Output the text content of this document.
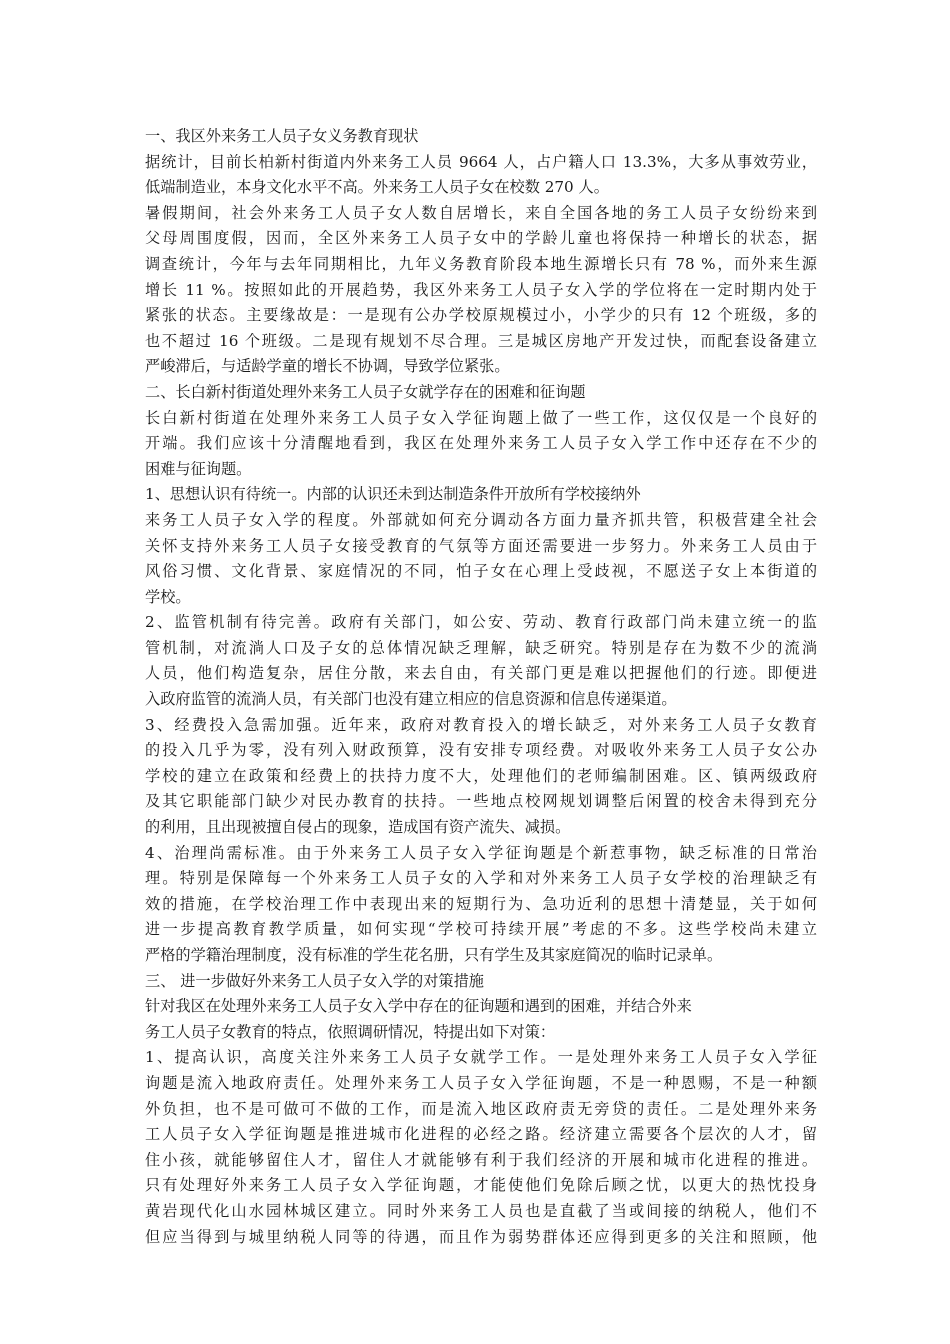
一、我区外来务工人员子女义务教育现状
据统计，目前长柏新村街道内外来务工人员 9664 人，占户籍人口 13.3%，大多从事效劳业，
低端制造业，本身文化水平不高。外来务工人员子女在校数 270 人。
暑假期间，社会外来务工人员子女人数自居增长，来自全国各地的务工人员子女纷纷来到
父母周围度假，因而，全区外来务工人员子女中的学龄儿童也将保持一种增长的状态，据
调查统计，今年与去年同期相比，九年义务教育阶段本地生源增长只有 78 %，而外来生源
增长 11 %。按照如此的开展趋势，我区外来务工人员子女入学的学位将在一定时期内处于
紧张的状态。主要缘故是：一是现有公办学校原规模过小，小学少的只有 12 个班级，多的
也不超过 16 个班级。二是现有规划不尽合理。三是城区房地产开发过快，而配套设备建立
严峻滞后，与适龄学童的增长不协调，导致学位紧张。
二、长白新村街道处理外来务工人员子女就学存在的困难和征询题
长白新村街道在处理外来务工人员子女入学征询题上做了一些工作，这仅仅是一个良好的
开端。我们应该十分清醒地看到，我区在处理外来务工人员子女入学工作中还存在不少的
困难与征询题。
1、思想认识有待统一。内部的认识还未到达制造条件开放所有学校接纳外
来务工人员子女入学的程度。外部就如何充分调动各方面力量齐抓共管，积极营建全社会
关怀支持外来务工人员子女接受教育的气氛等方面还需要进一步努力。外来务工人员由于
风俗习惯、文化背景、家庭情况的不同，怕子女在心理上受歧视，不愿送子女上本街道的
学校。
2、监管机制有待完善。政府有关部门，如公安、劳动、教育行政部门尚未建立统一的监
管机制，对流淌人口及子女的总体情况缺乏理解，缺乏研究。特别是存在为数不少的流淌
人员，他们构造复杂，居住分散，来去自由，有关部门更是难以把握他们的行迹。即便进
入政府监管的流淌人员，有关部门也没有建立相应的信息资源和信息传递渠道。
3、经费投入急需加强。近年来，政府对教育投入的增长缺乏，对外来务工人员子女教育
的投入几乎为零，没有列入财政预算，没有安排专项经费。对吸收外来务工人员子女公办
学校的建立在政策和经费上的扶持力度不大，处理他们的老师编制困难。区、镇两级政府
及其它职能部门缺少对民办教育的扶持。一些地点校网规划调整后闲置的校舍未得到充分
的利用，且出现被擅自侵占的现象，造成国有资产流失、减损。
4、治理尚需标准。由于外来务工人员子女入学征询题是个新惹事物，缺乏标准的日常治
理。特别是保障每一个外来务工人员子女的入学和对外来务工人员子女学校的治理缺乏有
效的措施，在学校治理工作中表现出来的短期行为、急功近利的思想十清楚显，关于如何
进一步提高教育教学质量，如何实现“学校可持续开展”考虑的不多。这些学校尚未建立
严格的学籍治理制度，没有标准的学生花名册，只有学生及其家庭简况的临时记录单。
三、 进一步做好外来务工人员子女入学的对策措施
针对我区在处理外来务工人员子女入学中存在的征询题和遇到的困难，并结合外来
务工人员子女教育的特点，依照调研情况，特提出如下对策：
1、提高认识，高度关注外来务工人员子女就学工作。一是处理外来务工人员子女入学征
询题是流入地政府责任。处理外来务工人员子女入学征询题，不是一种恩赐，不是一种额
外负担，也不是可做可不做的工作，而是流入地区政府责无旁贷的责任。二是处理外来务
工人员子女入学征询题是推进城市化进程的必经之路。经济建立需要各个层次的人才，留
住小孩，就能够留住人才，留住人才就能够有利于我们经济的开展和城市化进程的推进。
只有处理好外来务工人员子女入学征询题，才能使他们免除后顾之忧，以更大的热忱投身
黄岩现代化山水园林城区建立。同时外来务工人员也是直截了当或间接的纳税人，他们不
但应当得到与城里纳税人同等的待遇，而且作为弱势群体还应得到更多的关注和照顾，他
